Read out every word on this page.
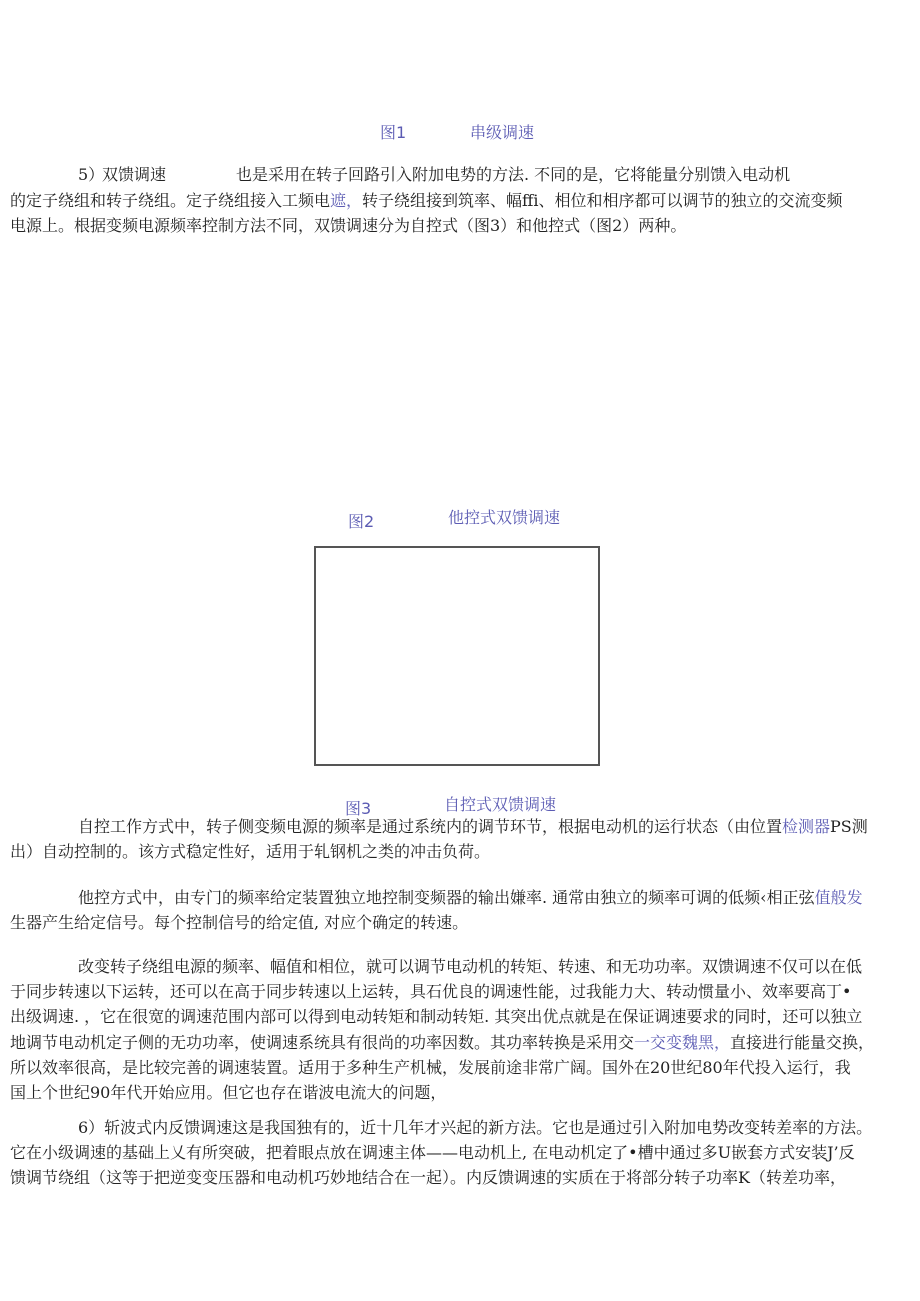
图1	串级调速
5）
双馈调速	也是采用在转子回路引入附加电势的方法. 不同的是，它将能量分别馈入电动机
的定子绕组和转子绕组。定子绕组接入工频电遮，转子绕组接到筑率、幅ffi、相位和相序都可以调节的独立的交流变频
电源上。根据变频电源频率控制方法不同，双馈调速分为自控式（图3）和他控式（图2）两种。
图2	他控式双馈调速
图3	自控式双馈调速
自控工作方式中，转子侧变频电源的频率是通过系统内的调节环节，根据电动机的运行状态（由位置检测器PS测
出）自动控制的。该方式稳定性好，适用于轧钢机之类的冲击负荷。
他控方式中，由专门的频率给定装置独立地控制变频器的输出嫌率. 通常由独立的频率可调的低频‹相正弦值般发
生器产生给定信号。每个控制信号的给定值, 对应个确定的转速。
改变转子绕组电源的频率、幅值和相位，就可以调节电动机的转矩、转速、和无功功率。双馈调速不仅可以在低
于同步转速以下运转，还可以在高于同步转速以上运转，具石优良的调速性能，过我能力大、转动惯量小、效率要高丁•
出级调速. ，它在很宽的调速范围内部可以得到电动转矩和制动转矩. 其突出优点就是在保证调速要求的同时，还可以独立
地调节电动机定子侧的无功功率，使调速系统具有很尚的功率因数。其功率转换是采用交一交变魏黑，直接进行能量交换，
所以效率很高，是比较完善的调速装置。适用于多种生产机械，发展前途非常广阔。国外在20世纪80年代投入运行，我
国上个世纪90年代开始应用。但它也存在谐波电流大的问题，
6）斩波式内反馈调速这是我国独有的，近十几年才兴起的新方法。它也是通过引入附加电势改变转差率的方法。
它在小级调速的基础上乂有所突破，把着眼点放在调速主体——电动机上, 在电动机定了•槽中通过多U嵌套方式安装J’反
馈调节绕组（这等于把逆变变压器和电动机巧妙地结合在一起）。内反馈调速的实质在于将部分转子功率K（转差功率，
